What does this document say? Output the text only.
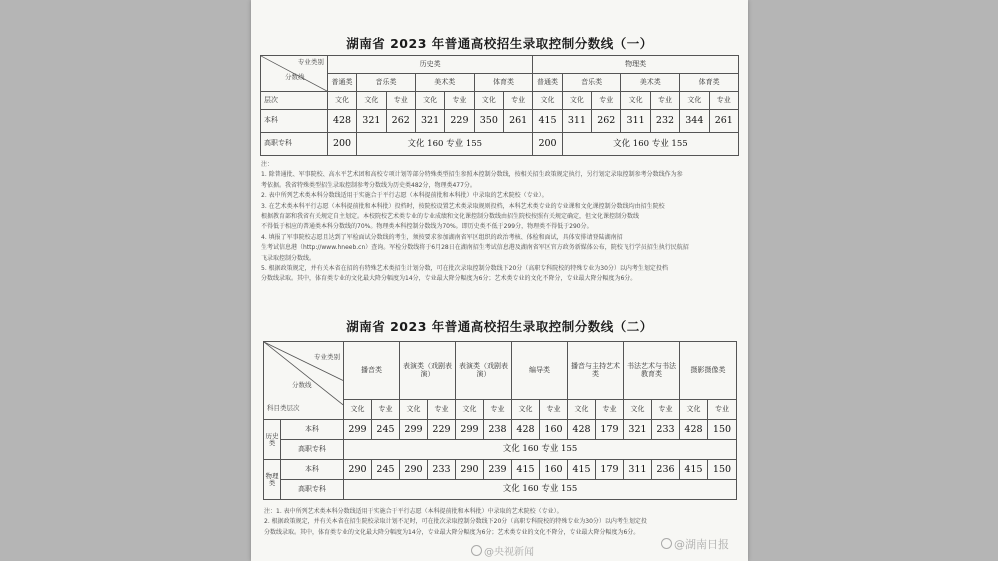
湖南省 2023 年普通高校招生录取控制分数线（一）
专业类别
分数线	历史类							物理类						
	普通类	音乐类		美术类		体育类		普通类	音乐类		美术类		体育类	
层次	文化	文化	专业	文化	专业	文化	专业	文化	文化	专业	文化	专业	文化	专业
本科	428	321	262	321	229	350	261	415	311	262	311	232	344	261
高职专科	200	文化 160 专业 155						200	文化 160 专业 155					

注：

1. 除普通批、军事院校、高水平艺术团和高校专项计划等部分特殊类型招生参照本控制分数线，按相关招生政策规定执行，另行划定录取控制参考分数线作为参

考依据。我省特殊类型招生录取控制参考分数线为历史类482分，物理类477分。

2. 表中所列艺术类本科分数线适用于实施合于平行志愿（本科提前批和本科批）中录取的艺术院校（专业）。

3. 在艺术类本科平行志愿（本科提前批和本科批）投档时，按院校设置艺术类录取规则投档，本科艺术类专业的专业课和文化课控制分数线均由招生院校

根据教育部和我省有关规定自主划定。本校院校艺术类专业的专业成绩和文化课控制分数线由招生院校按照有关规定确定，但文化课控制分数线

不得低于相应的普通类本科分数线的70%。物理类本科控制分数线为70%。即历史类不低于299分，物理类不得低于290分。

4. 填报了军事院校志愿且达到了军检面试分数线的考生，须按要求参加湖南省军区组织的政治考核、体检和面试，具体安排请登陆湖南招

生考试信息港（http://www.hneeb.cn）查询。军检分数线将于6月28日在湖南招生考试信息港及湖南省军区官方政务新媒体公布，院校飞行学员招生执行民航招

飞录取控制分数线。

5. 根据政策规定，并有关本省在招的有特殊艺术类招生计划分数，可在批次录取控制分数线下20分（高职专科院校的特殊专业为30分）以内考生划定投档

分数线录取。其中，体育类专业的文化最大降分幅度为14分，专业最大降分幅度为6分；艺术类专业的文化不降分，专业最大降分幅度为6分。

湖南省 2023 年普通高校招生录取控制分数线（二）
专业类别
分数线
科目类层次		播音类		表演类（戏剧表演）		表演类（戏剧表演）		编导类		播音与主持艺术类		书法艺术与书法教育类		摄影摄像类	
		文化	专业	文化	专业	文化	专业	文化	专业	文化	专业	文化	专业	文化	专业
历史类	本科	299	245	299	229	299	238	428	160	428	179	321	233	428	150
	高职专科	文化 160 专业 155													
物理类	本科	290	245	290	233	290	239	415	160	415	179	311	236	415	150
	高职专科	文化 160 专业 155													

注：1. 表中所列艺术类本科分数线适用于实施合于平行志愿（本科提前批和本科批）中录取的艺术院校（专业）。

2. 根据政策规定，并有关本省在招生院校录取计划不足时，可在批次录取控制分数线下20分（高职专科院校的特殊专业为30分）以内考生划定投

分数线录取。其中，体育类专业的文化最大降分幅度为14分，专业最大降分幅度为6分；艺术类专业的文化不降分，专业最大降分幅度为6分。

@央视新闻
@湖南日报
